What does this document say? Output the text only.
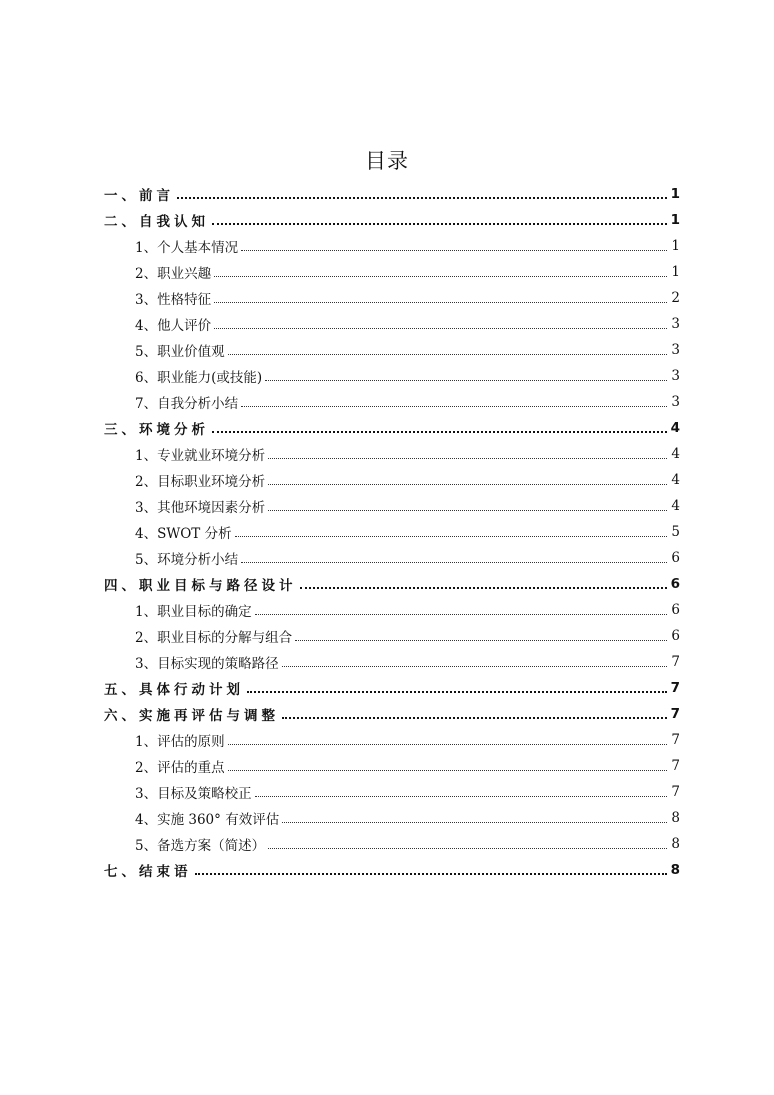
目录
一、前言	1
二、自我认知	1
1、个人基本情况	1
2、职业兴趣	1
3、性格特征	2
4、他人评价	3
5、职业价值观	3
6、职业能力(或技能)	3
7、自我分析小结	3
三、环境分析	4
1、专业就业环境分析	4
2、目标职业环境分析	4
3、其他环境因素分析	4
4、SWOT 分析	5
5、环境分析小结	6
四、职业目标与路径设计	6
1、职业目标的确定	6
2、职业目标的分解与组合	6
3、目标实现的策略路径	7
五、具体行动计划	7
六、实施再评估与调整	7
1、评估的原则	7
2、评估的重点	7
3、目标及策略校正	7
4、实施 360° 有效评估	8
5、备选方案（简述）	8
七、结束语	8
